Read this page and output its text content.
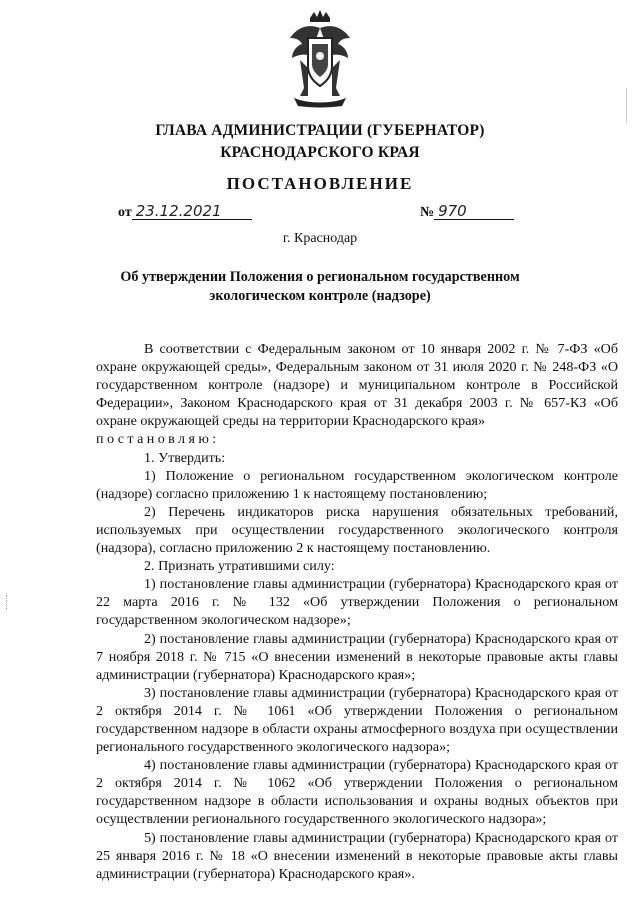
ГЛАВА АДМИНИСТРАЦИИ (ГУБЕРНАТОР)
КРАСНОДАРСКОГО КРАЯ
ПОСТАНОВЛЕНИЕ
от 23.12.2021	№ 970
г. Краснодар
Об утверждении Положения о региональном государственном
экологическом контроле (надзоре)

В соответствии с Федеральным законом от 10 января 2002 г. № 7-ФЗ «Об охране окружающей среды», Федеральным законом от 31 июля 2020 г. № 248-ФЗ «О государственном контроле (надзоре) и муниципальном контроле в Российской Федерации», Законом Краснодарского края от 31 декабря 2003 г. № 657-КЗ «Об охране окружающей среды на территории Краснодарского края»

постановляю:

1. Утвердить:

1) Положение о региональном государственном экологическом контроле (надзоре) согласно приложению 1 к настоящему постановлению;

2) Перечень индикаторов риска нарушения обязательных требований, используемых при осуществлении государственного экологического контроля (надзора), согласно приложению 2 к настоящему постановлению.

2. Признать утратившими силу:

1) постановление главы администрации (губернатора) Краснодарского края от 22 марта 2016 г. № 132 «Об утверждении Положения о региональном государственном экологическом надзоре»;

2) постановление главы администрации (губернатора) Краснодарского края от 7 ноября 2018 г. № 715 «О внесении изменений в некоторые правовые акты главы администрации (губернатора) Краснодарского края»;

3) постановление главы администрации (губернатора) Краснодарского края от 2 октября 2014 г. № 1061 «Об утверждении Положения о региональном государственном надзоре в области охраны атмосферного воздуха при осуществлении регионального государственного экологического надзора»;

4) постановление главы администрации (губернатора) Краснодарского края от 2 октября 2014 г. № 1062 «Об утверждении Положения о региональном государственном надзоре в области использования и охраны водных объектов при осуществлении регионального государственного экологического надзора»;

5) постановление главы администрации (губернатора) Краснодарского края от 25 января 2016 г. № 18 «О внесении изменений в некоторые правовые акты главы администрации (губернатора) Краснодарского края».
